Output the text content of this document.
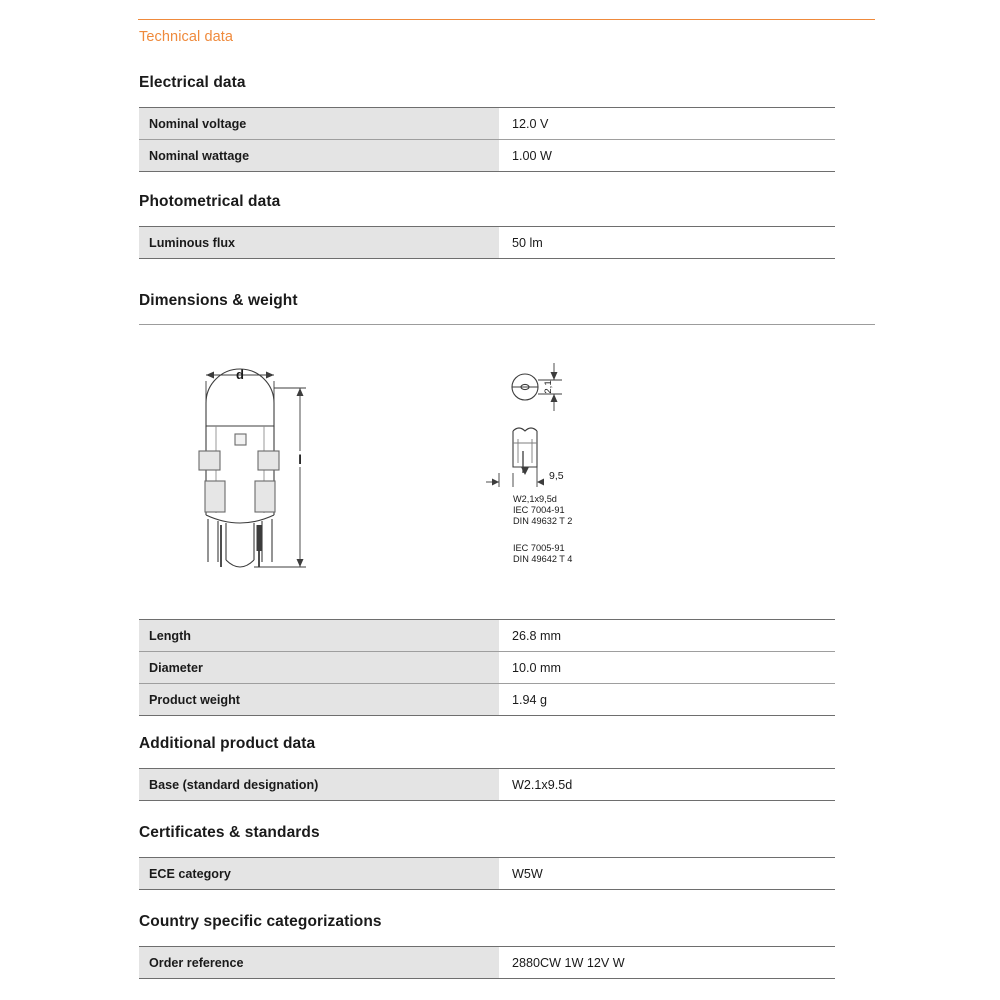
Technical data
Electrical data
Nominal voltage	12.0 V
Nominal wattage	1.00 W
Photometrical data
Luminous flux	50 lm
Dimensions & weight
d
l
2,1
9,5
W2,1x9,5d
IEC 7004-91
DIN 49632 T 2
IEC 7005-91
DIN 49642 T 4
Length	26.8 mm
Diameter	10.0 mm
Product weight	1.94 g
Additional product data
Base (standard designation)	W2.1x9.5d
Certificates & standards
ECE category	W5W
Country specific categorizations
Order reference	2880CW 1W 12V W
